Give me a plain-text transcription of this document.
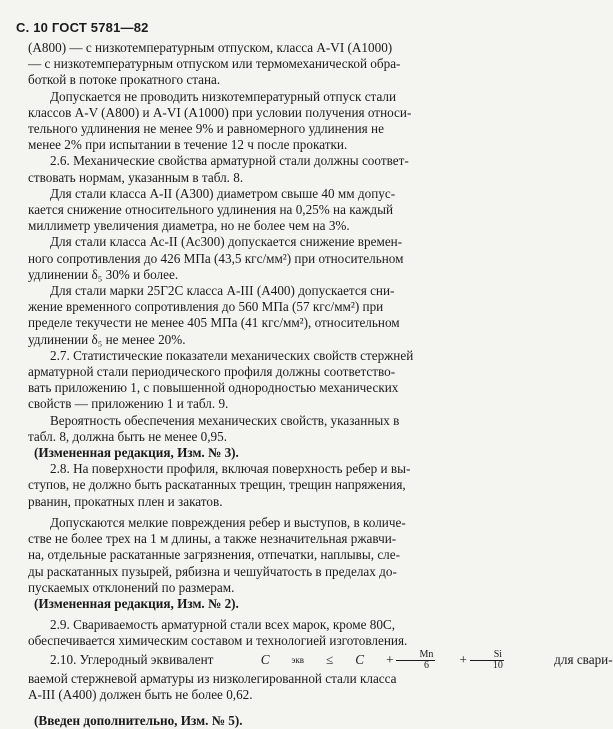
С. 10 ГОСТ 5781—82

(А800) — с низкотемпературным отпуском, класса А-VI (А1000)

— с низкотемпературным отпуском или термомеханической обра-

боткой в потоке прокатного стана.

Допускается не проводить низкотемпературный отпуск стали

классов А-V (А800) и А-VI (А1000) при условии получения относи-

тельного удлинения не менее 9% и равномерного удлинения не

менее 2% при испытании в течение 12 ч после прокатки.

2.6. Механические свойства арматурной стали должны соответ-

ствовать нормам, указанным в табл. 8.

Для стали класса А-II (А300) диаметром свыше 40 мм допус-

кается снижение относительного удлинения на 0,25% на каждый

миллиметр увеличения диаметра, но не более чем на 3%.

Для стали класса Ас-II (Ас300) допускается снижение времен-

ного сопротивления до 426 МПа (43,5 кгс/мм²) при относительном

удлинении δ₅ 30% и более.

Для стали марки 25Г2С класса А-III (А400) допускается сни-

жение временного сопротивления до 560 МПа (57 кгс/мм²) при

пределе текучести не менее 405 МПа (41 кгс/мм²), относительном

удлинении δ₅ не менее 20%.

2.7. Статистические показатели механических свойств стержней

арматурной стали периодического профиля должны соответство-

вать приложению 1, с повышенной однородностью механических

свойств — приложению 1 и табл. 9.

Вероятность обеспечения механических свойств, указанных в

табл. 8, должна быть не менее 0,95.

(Измененная редакция, Изм. № 3).

2.8. На поверхности профиля, включая поверхность ребер и вы-

ступов, не должно быть раскатанных трещин, трещин напряжения,

рванин, прокатных плен и закатов.

Допускаются мелкие повреждения ребер и выступов, в количе-

стве не более трех на 1 м длины, а также незначительная ржавчи-

на, отдельные раскатанные загрязнения, отпечатки, наплывы, сле-

ды раскатанных пузырей, рябизна и чешуйчатость в пределах до-

пускаемых отклонений по размерам.

(Измененная редакция, Изм. № 2).

2.9. Свариваемость арматурной стали всех марок, кроме 80С,

обеспечивается химическим составом и технологией изготовления.

2.10. Углеродный эквивалент
	C	экв	≤	C	+ $\frac{Mn}{6}$	+ $\frac{Si}{10}$
	для свари-

ваемой стержневой арматуры из низколегированной стали класса

А-III (А400) должен быть не более 0,62.

(Введен дополнительно, Изм. № 5).
